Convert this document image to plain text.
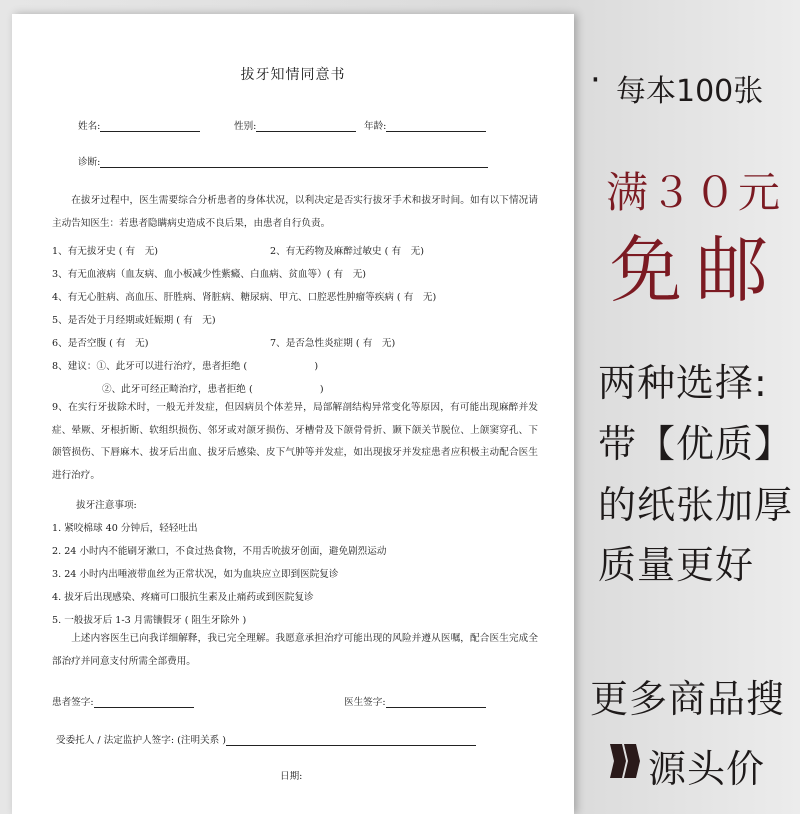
拔牙知情同意书
姓名:	性别:	年龄:
诊断:
在拔牙过程中，医生需要综合分析患者的身体状况，以利决定是否实行拔牙手术和拔牙时间。如有以下情况请主动告知医生：若患者隐瞒病史造成不良后果，由患者自行负责。
1、有无拔牙史 ( 有　无)	2、有无药物及麻醉过敏史 ( 有　无)
3、有无血液病（血友病、血小板减少性紫癜、白血病、贫血等）( 有　无)
4、有无心脏病、高血压、肝胜病、肾脏病、糖尿病、甲亢、口腔恶性肿瘤等疾病 ( 有　无)
5、是否处于月经期或妊娠期 ( 有　无)
6、是否空腹 ( 有　无)	7、是否急性炎症期 ( 有　无)
8、建议：①、此牙可以进行治疗，患者拒绝 (　　　　　　　)
②、此牙可经正畸治疗，患者拒绝 (　　　　　　　)
9、在实行牙拔除术时，一般无并发症，但因病员个体差异，局部解剖结构异常变化等原因，有可能出现麻醉并发症、晕厥、牙根折断、软组织损伤、邻牙或对颌牙损伤、牙槽骨及下颌骨骨折、颞下颌关节脱位、上颌窦穿孔、下颌管损伤、下唇麻木、拔牙后出血、拔牙后感染、皮下气肿等并发症，如出现拔牙并发症患者应积极主动配合医生进行治疗。
拔牙注意事项:
1. 紧咬棉球 40 分钟后，轻轻吐出
2. 24 小时内不能刷牙漱口，不食过热食物，不用舌吮拔牙创面，避免剧烈运动
3. 24 小时内出唾液带血丝为正常状况，如为血块应立即到医院复诊
4. 拔牙后出现感染、疼痛可口服抗生素及止痛药或到医院复诊
5. 一般拔牙后 1-3 月需镶假牙 ( 阻生牙除外 )
上述内容医生已向我详细解释，我已完全理解。我愿意承担治疗可能出现的风险并遵从医嘱，配合医生完成全部治疗并同意支付所需全部费用。
患者签字:	医生签字:
受委托人 / 法定监护人签字: (注明关系 )
日期:
· 每本100张
满３０元
免邮
两种选择:
带【优质】
的纸张加厚
质量更好
更多商品搜
源头价
